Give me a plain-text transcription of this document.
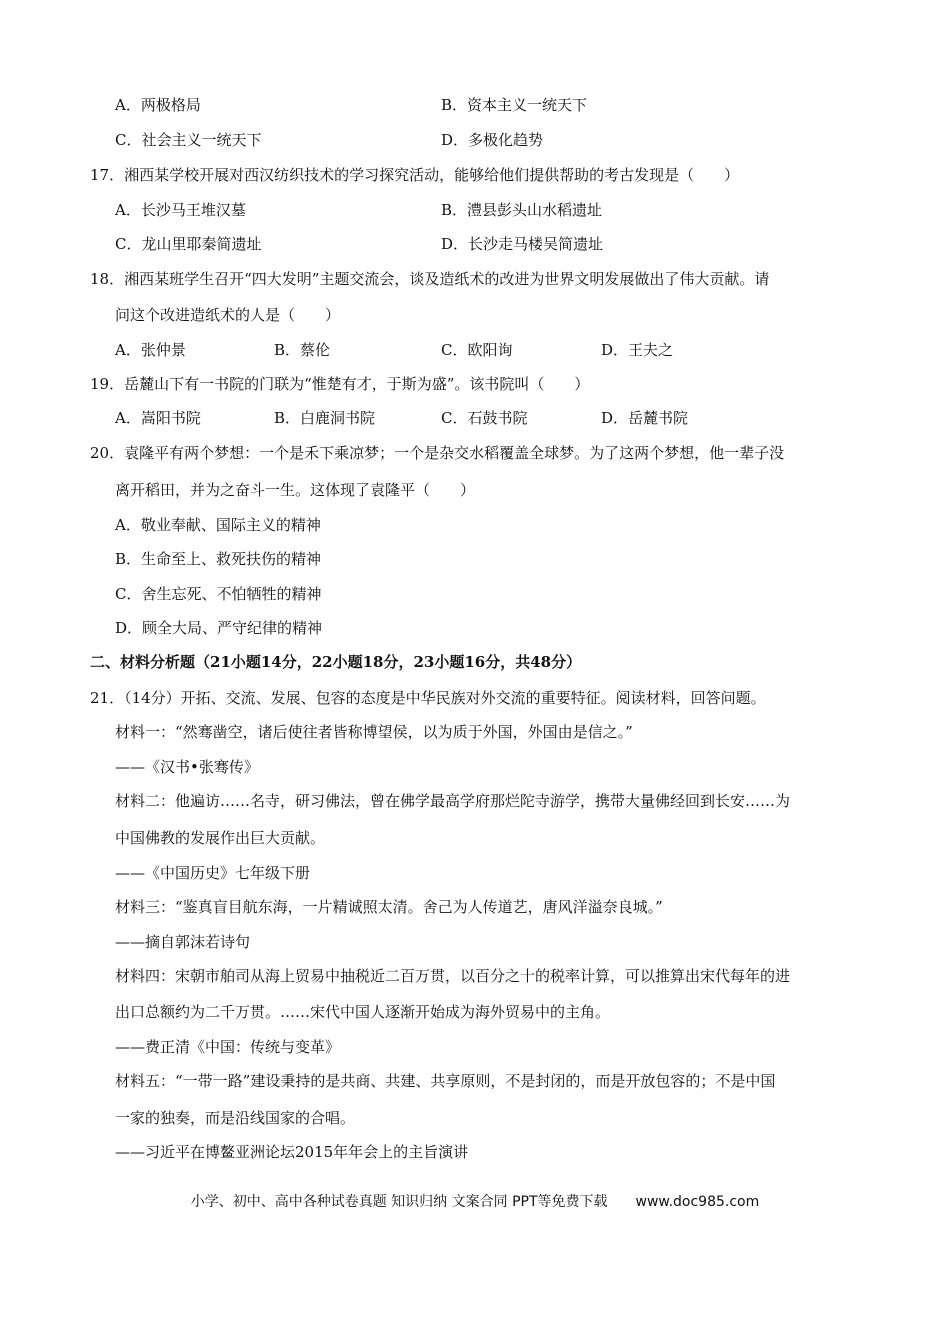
A．两极格局	B．资本主义一统天下
C．社会主义一统天下	D．多极化趋势
17．湘西某学校开展对西汉纺织技术的学习探究活动，能够给他们提供帮助的考古发现是（　　）
A．长沙马王堆汉墓	B．澧县彭头山水稻遗址
C．龙山里耶秦简遗址	D．长沙走马楼吴简遗址
18．湘西某班学生召开“四大发明”主题交流会，谈及造纸术的改进为世界文明发展做出了伟大贡献。请
问这个改进造纸术的人是（　　）
A．张仲景	B．蔡伦	C．欧阳询	D．王夫之
19．岳麓山下有一书院的门联为“惟楚有才，于斯为盛”。该书院叫（　　）
A．嵩阳书院	B．白鹿洞书院	C．石鼓书院	D．岳麓书院
20．袁隆平有两个梦想：一个是禾下乘凉梦；一个是杂交水稻覆盖全球梦。为了这两个梦想，他一辈子没
离开稻田，并为之奋斗一生。这体现了袁隆平（　　）
A．敬业奉献、国际主义的精神
B．生命至上、救死扶伤的精神
C．舍生忘死、不怕牺牲的精神
D．顾全大局、严守纪律的精神
二、材料分析题（21小题14分，22小题18分，23小题16分，共48分）
21．（14分）开拓、交流、发展、包容的态度是中华民族对外交流的重要特征。阅读材料，回答问题。
材料一：“然骞凿空，诸后使往者皆称博望侯，以为质于外国，外国由是信之。”
——《汉书•张骞传》
材料二：他遍访……名寺，研习佛法，曾在佛学最高学府那烂陀寺游学，携带大量佛经回到长安……为
中国佛教的发展作出巨大贡献。
——《中国历史》七年级下册
材料三：“鉴真盲目航东海，一片精诚照太清。舍己为人传道艺，唐风洋溢奈良城。”
——摘自郭沫若诗句
材料四：宋朝市舶司从海上贸易中抽税近二百万贯，以百分之十的税率计算，可以推算出宋代每年的进
出口总额约为二千万贯。……宋代中国人逐渐开始成为海外贸易中的主角。
——费正清《中国：传统与变革》
材料五：“一带一路”建设秉持的是共商、共建、共享原则，不是封闭的，而是开放包容的；不是中国
一家的独奏，而是沿线国家的合唱。
——习近平在博鳌亚洲论坛2015年年会上的主旨演讲
小学、初中、高中各种试卷真题 知识归纳 文案合同 PPT等免费下载 www.doc985.com
